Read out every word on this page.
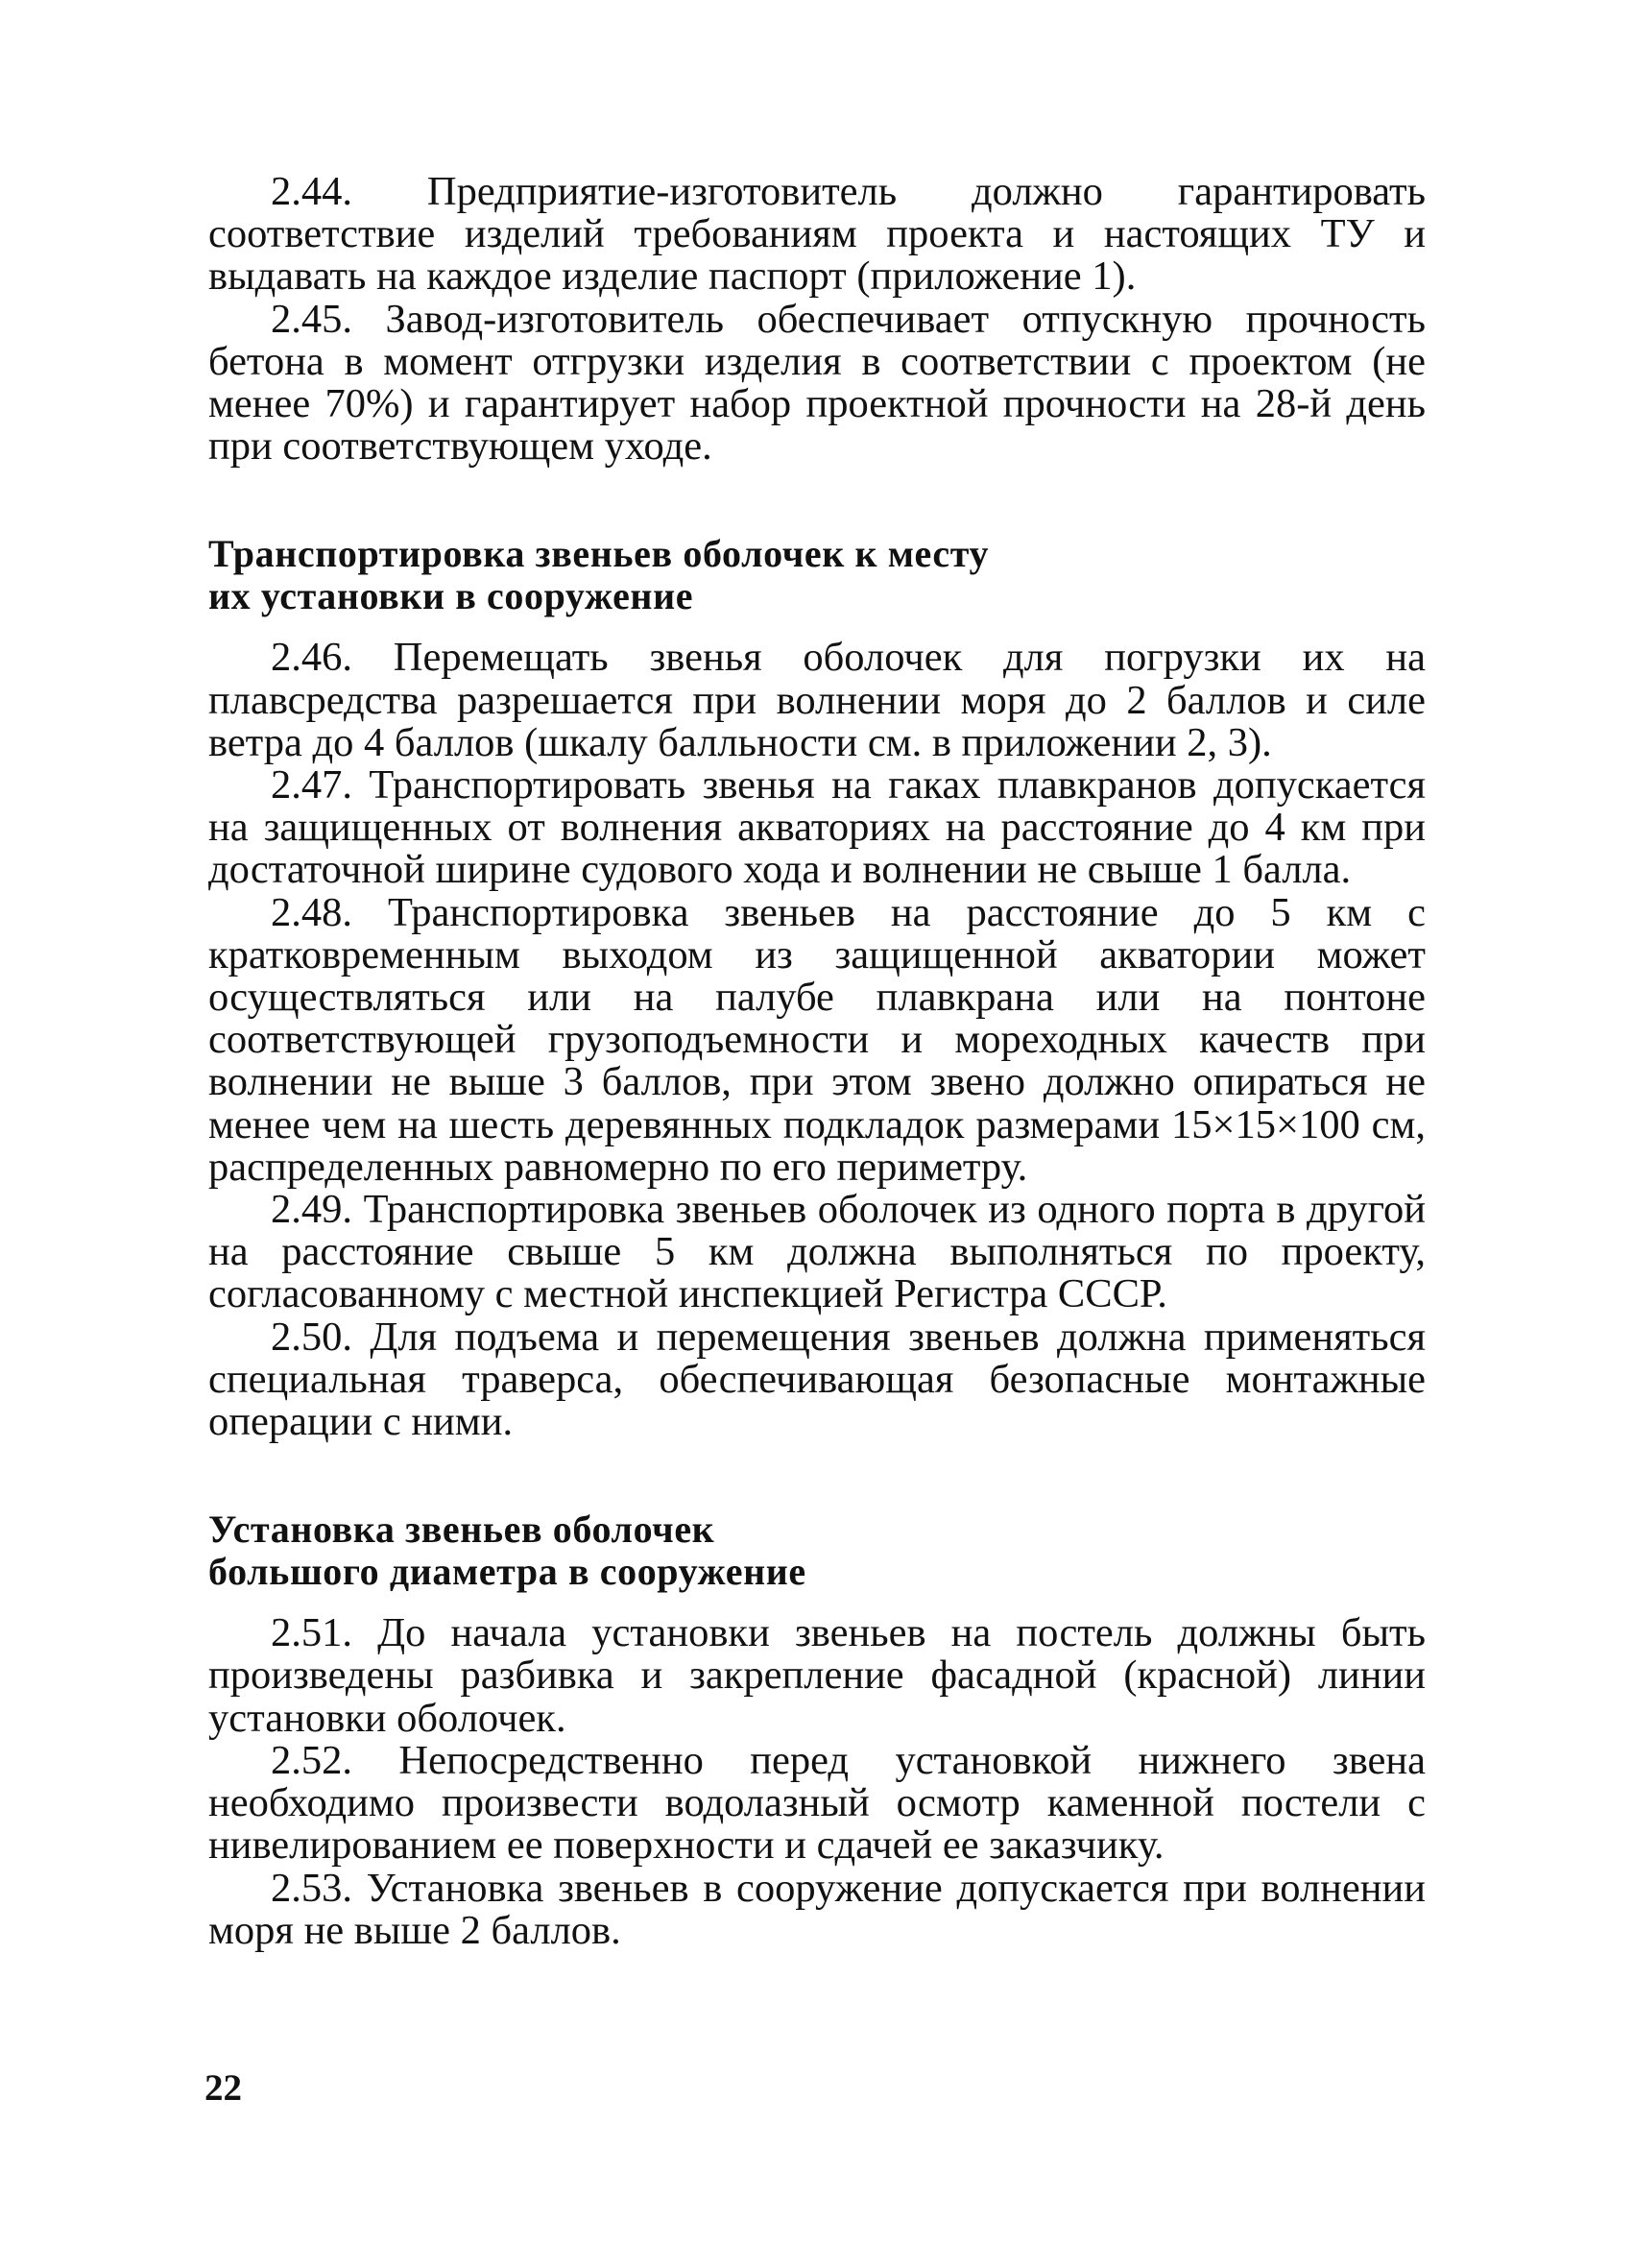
2.44. Предприятие-изготовитель должно гарантировать соответствие изделий требованиям проекта и настоящих ТУ и выдавать на каждое изделие паспорт (приложение 1).

2.45. Завод-изготовитель обеспечивает отпускную прочность бетона в момент отгрузки изделия в соответствии с проектом (не менее 70%) и гарантирует набор проектной прочности на 28-й день при соответствующем уходе.

Транспортировка звеньев оболочек к месту
их установки в сооружение

2.46. Перемещать звенья оболочек для погрузки их на плавсредства разрешается при волнении моря до 2 баллов и силе ветра до 4 баллов (шкалу балльности см. в приложении 2, 3).

2.47. Транспортировать звенья на гаках плавкранов допускается на защищенных от волнения акваториях на расстояние до 4 км при достаточной ширине судового хода и волнении не свыше 1 балла.

2.48. Транспортировка звеньев на расстояние до 5 км с кратковременным выходом из защищенной акватории может осуществляться или на палубе плавкрана или на понтоне соответствующей грузоподъемности и мореходных качеств при волнении не выше 3 баллов, при этом звено должно опираться не менее чем на шесть деревянных подкладок размерами 15×15×100 см, распределенных равномерно по его периметру.

2.49. Транспортировка звеньев оболочек из одного порта в другой на расстояние свыше 5 км должна выполняться по проекту, согласованному с местной инспекцией Регистра СССР.

2.50. Для подъема и перемещения звеньев должна применяться специальная траверса, обеспечивающая безопасные монтажные операции с ними.

Установка звеньев оболочек
большого диаметра в сооружение

2.51. До начала установки звеньев на постель должны быть произведены разбивка и закрепление фасадной (красной) линии установки оболочек.

2.52. Непосредственно перед установкой нижнего звена необходимо произвести водолазный осмотр каменной постели с нивелированием ее поверхности и сдачей ее заказчику.

2.53. Установка звеньев в сооружение допускается при волнении моря не выше 2 баллов.

22
